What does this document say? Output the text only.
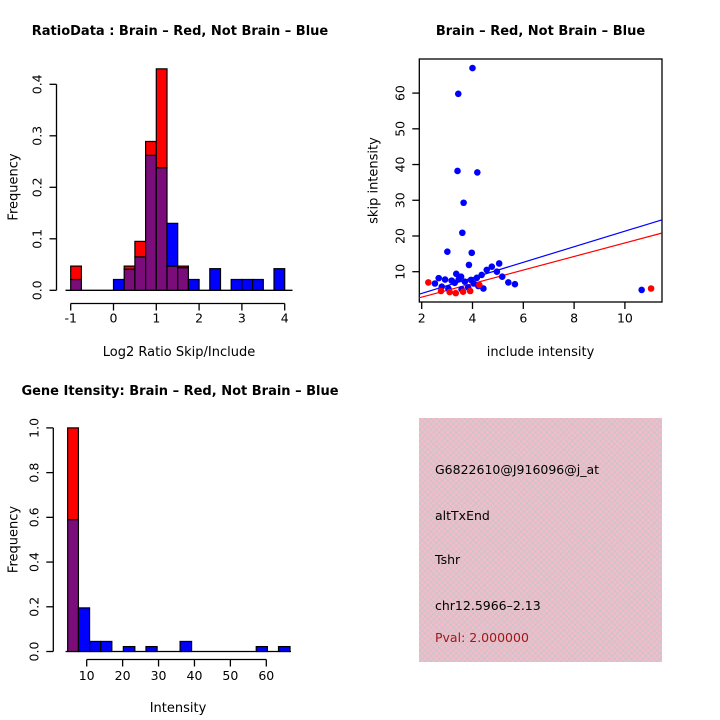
RatioData : Brain – Red, Not Brain – Blue
Log2 Ratio Skip/Include
Frequency
-1	0	1	2	3	4
0.0
0.1
0.2
0.3
0.4
Brain – Red, Not Brain – Blue
include intensity
skip intensity
2	4	6	8	10
10
20
30
40
50
60
Gene Itensity: Brain – Red, Not Brain – Blue
Intensity
Frequency
10 20 30 40 50 60
0.0
0.2
0.4
0.6
0.8
1.0
G6822610@J916096@j_at
altTxEnd
Tshr
chr12.5966–2.13
Pval: 2.000000
